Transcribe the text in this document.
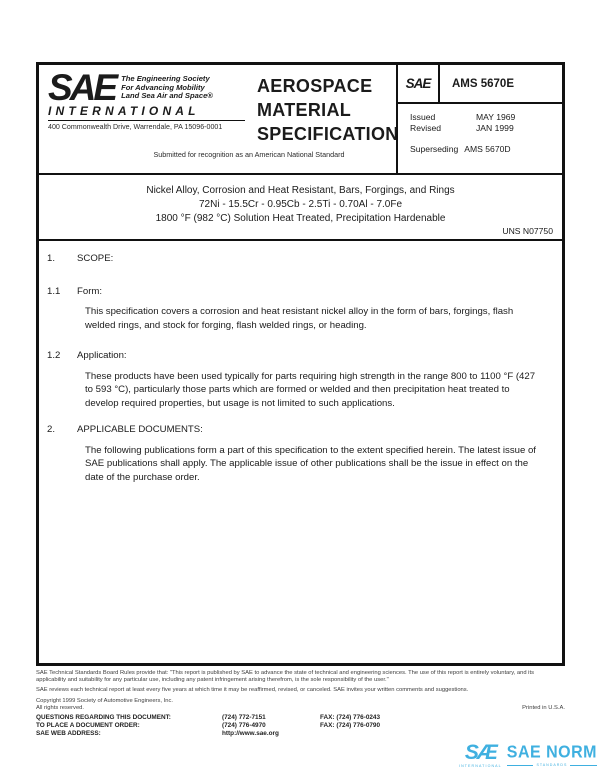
SAE The Engineering Society
For Advancing Mobility
Land Sea Air and Space®
INTERNATIONAL
400 Commonwealth Drive, Warrendale, PA 15096-0001
AEROSPACE
MATERIAL
SPECIFICATION
Submitted for recognition as an American National Standard
SAE	AMS 5670E
Issued	MAY 1969
Revised	JAN 1999
Superseding AMS 5670D
Nickel Alloy, Corrosion and Heat Resistant, Bars, Forgings, and Rings
72Ni - 15.5Cr - 0.95Cb - 2.5Ti - 0.70Al - 7.0Fe
1800 °F (982 °C) Solution Heat Treated, Precipitation Hardenable
UNS N07750
1.	SCOPE:
1.1	Form:
This specification covers a corrosion and heat resistant nickel alloy in the form of bars, forgings, flash welded rings, and stock for forging, flash welded rings, or heading.
1.2	Application:
These products have been used typically for parts requiring high strength in the range 800 to 1100 °F (427 to 593 °C), particularly those parts which are formed or welded and then precipitation heat treated to develop required properties, but usage is not limited to such applications.
2.	APPLICABLE DOCUMENTS:
The following publications form a part of this specification to the extent specified herein. The latest issue of SAE publications shall apply. The applicable issue of other publications shall be the issue in effect on the date of the purchase order.
SAE Technical Standards Board Rules provide that: "This report is published by SAE to advance the state of technical and engineering sciences. The use of this report is entirely voluntary, and its applicability and suitability for any particular use, including any patent infringement arising therefrom, is the sole responsibility of the user."
SAE reviews each technical report at least every five years at which time it may be reaffirmed, revised, or canceled. SAE invites your written comments and suggestions.
Copyright 1999 Society of Automotive Engineers, Inc.
All rights reserved.	Printed in U.S.A.
QUESTIONS REGARDING THIS DOCUMENT:	(724) 772-7151	FAX: (724) 776-0243
TO PLACE A DOCUMENT ORDER:	(724) 776-4970	FAX: (724) 776-0790
SAE WEB ADDRESS:	http://www.sae.org
SÆ
INTERNATIONAL
SAE NORM
STANDARDS
